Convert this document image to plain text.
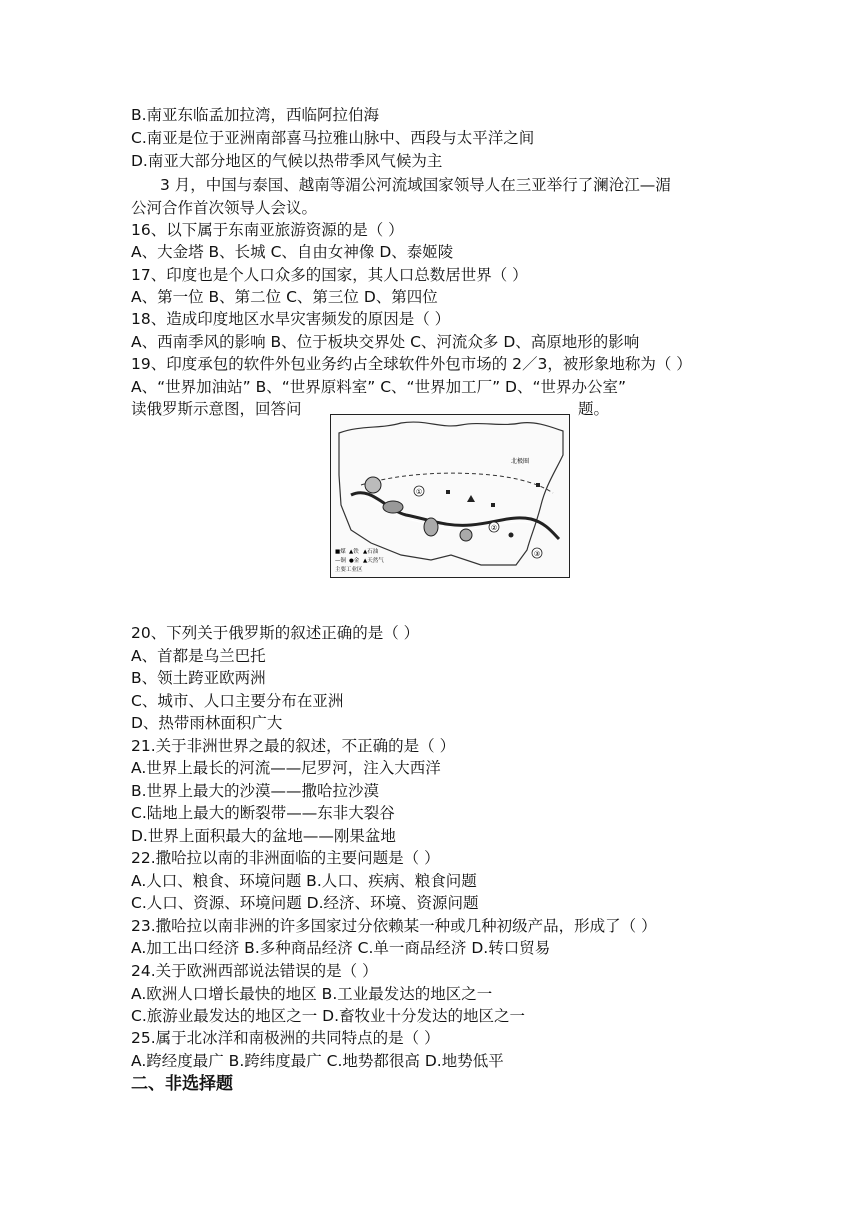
B.南亚东临孟加拉湾，西临阿拉伯海
C.南亚是位于亚洲南部喜马拉雅山脉中、西段与太平洋之间
D.南亚大部分地区的气候以热带季风气候为主
3 月，中国与泰国、越南等湄公河流域国家领导人在三亚举行了澜沧江—湄
公河合作首次领导人会议。
16、以下属于东南亚旅游资源的是（ ）
A、大金塔 B、长城 C、自由女神像 D、泰姬陵
17、印度也是个人口众多的国家，其人口总数居世界（ ）
A、第一位 B、第二位 C、第三位 D、第四位
18、造成印度地区水旱灾害频发的原因是（ ）
A、西南季风的影响 B、位于板块交界处 C、河流众多 D、高原地形的影响
19、印度承包的软件外包业务约占全球软件外包市场的 2／3，被形象地称为（ ）
A、“世界加油站” B、“世界原料室” C、“世界加工厂” D、“世界办公室”
读俄罗斯示意图，回答问	题。
①
②
③
北极圈
■煤 ▲铁 ▲石油
—铜 ●金 ▲天然气
主要工业区
20、下列关于俄罗斯的叙述正确的是（ ）
A、首都是乌兰巴托
B、领土跨亚欧两洲
C、城市、人口主要分布在亚洲
D、热带雨林面积广大
21.关于非洲世界之最的叙述，不正确的是（ ）
A.世界上最长的河流——尼罗河，注入大西洋
B.世界上最大的沙漠——撒哈拉沙漠
C.陆地上最大的断裂带——东非大裂谷
D.世界上面积最大的盆地——刚果盆地
22.撒哈拉以南的非洲面临的主要问题是（ ）
A.人口、粮食、环境问题 B.人口、疾病、粮食问题
C.人口、资源、环境问题 D.经济、环境、资源问题
23.撒哈拉以南非洲的许多国家过分依赖某一种或几种初级产品，形成了（ ）
A.加工出口经济 B.多种商品经济 C.单一商品经济 D.转口贸易
24.关于欧洲西部说法错误的是（ ）
A.欧洲人口增长最快的地区 B.工业最发达的地区之一
C.旅游业最发达的地区之一 D.畜牧业十分发达的地区之一
25.属于北冰洋和南极洲的共同特点的是（ ）
A.跨经度最广 B.跨纬度最广 C.地势都很高 D.地势低平
二、非选择题
